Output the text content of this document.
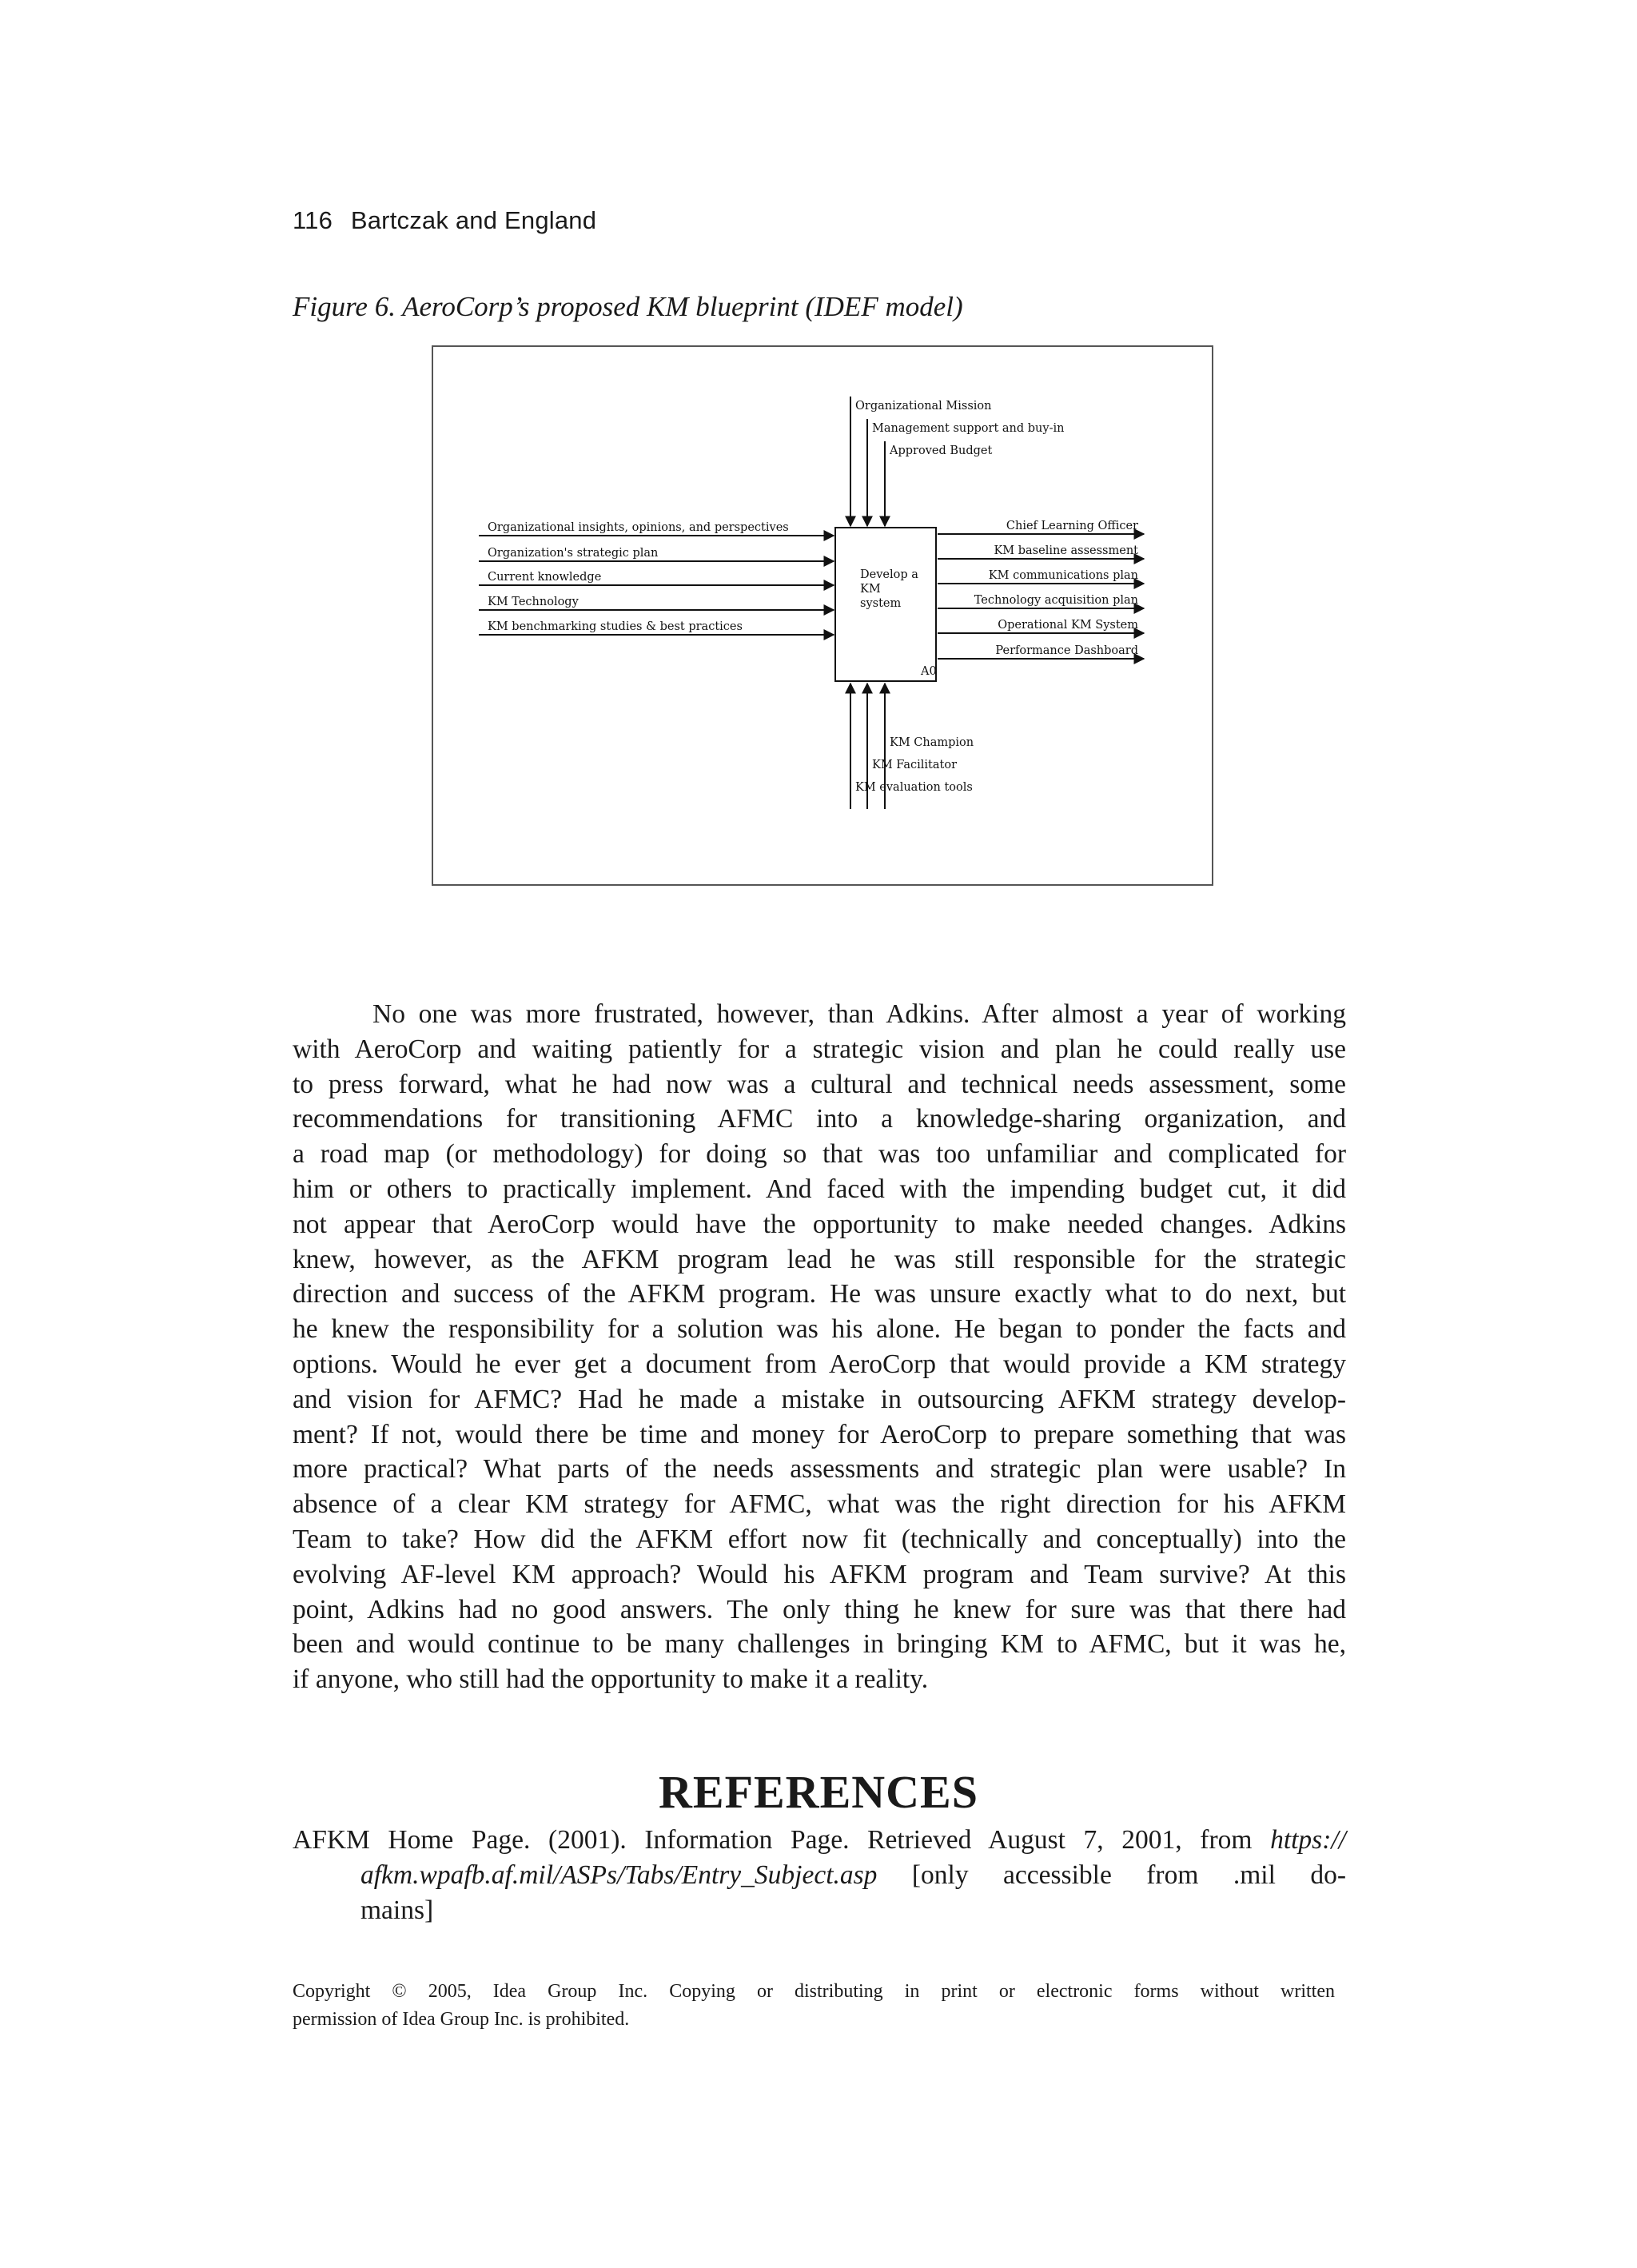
116 Bartczak and England
Figure 6. AeroCorp’s proposed KM blueprint (IDEF model)
Develop a
KM
system
A0
Organizational Mission
Management support and buy-in
Approved Budget
Organizational insights, opinions, and perspectives
Organization's strategic plan
Current knowledge
KM Technology
KM benchmarking studies & best practices
Chief Learning Officer
KM baseline assessment
KM communications plan
Technology acquisition plan
Operational KM System
Performance Dashboard
KM Champion
KM Facilitator
KM evaluation tools

No one was more frustrated, however, than Adkins. After almost a year of working
with AeroCorp and waiting patiently for a strategic vision and plan he could really use
to press forward, what he had now was a cultural and technical needs assessment, some
recommendations for transitioning AFMC into a knowledge-sharing organization, and
a road map (or methodology) for doing so that was too unfamiliar and complicated for
him or others to practically implement. And faced with the impending budget cut, it did
not appear that AeroCorp would have the opportunity to make needed changes. Adkins
knew, however, as the AFKM program lead he was still responsible for the strategic
direction and success of the AFKM program. He was unsure exactly what to do next, but
he knew the responsibility for a solution was his alone. He began to ponder the facts and
options. Would he ever get a document from AeroCorp that would provide a KM strategy
and vision for AFMC? Had he made a mistake in outsourcing AFKM strategy develop-
ment? If not, would there be time and money for AeroCorp to prepare something that was
more practical? What parts of the needs assessments and strategic plan were usable? In
absence of a clear KM strategy for AFMC, what was the right direction for his AFKM
Team to take? How did the AFKM effort now fit (technically and conceptually) into the
evolving AF-level KM approach? Would his AFKM program and Team survive? At this
point, Adkins had no good answers. The only thing he knew for sure was that there had
been and would continue to be many challenges in bringing KM to AFMC, but it was he,
if anyone, who still had the opportunity to make it a reality.

REFERENCES
AFKM Home Page. (2001). Information Page. Retrieved August 7, 2001, from https://
afkm.wpafb.af.mil/ASPs/Tabs/Entry_Subject.asp [only accessible from .mil do-
mains]
Copyright © 2005, Idea Group Inc. Copying or distributing in print or electronic forms without written
permission of Idea Group Inc. is prohibited.
